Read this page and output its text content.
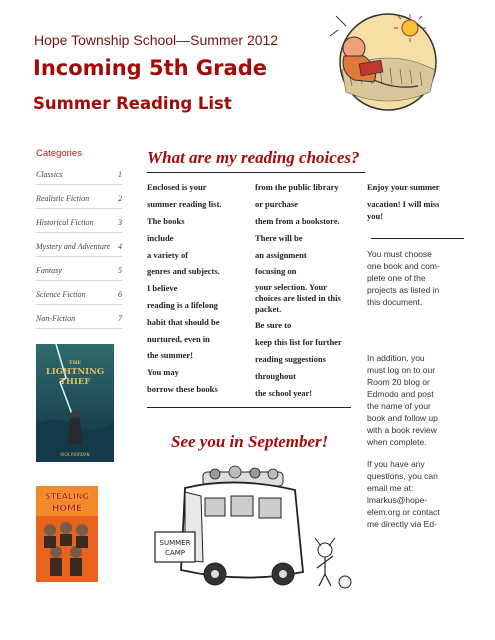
Hope Township School—Summer 2012
Incoming 5th Grade
Summer Reading List
Categories
Classics	1
Realistic Fiction	2
Historical Fiction	3
Mystery and Adventure 4
Fantasy	5
Science Fiction	6
Non-Fiction	7
THE
LIGHTNING
THIEF
RICK RIORDAN
STEALING
HOME
What are my reading choices?
Enclosed is your
summer reading list.
The books
include
a variety of
genres and subjects.
I believe
reading is a lifelong
habit that should be
nurtured, even in
the summer!
You may
borrow these books
from the public library
or purchase
them from a bookstore.
There will be
an assignment
focusing on
your selection. Your
choices are listed in this
packet.
Be sure to
keep this list for further
reading suggestions
throughout
the school year!
Enjoy your summer
vacation! I will miss
you!
See you in September!
SUMMER
CAMP

You must choose

one book and com-

plete one of the

projects as listed in

this document.

In addition, you

must log on to our

Room 20 blog or

Edmodo and post

the name of your

book and follow up

with a book review

when complete.

If you have any

questions, you can

email me at:

lmarkus@hope-

elem.org or contact

me directly via Ed-
